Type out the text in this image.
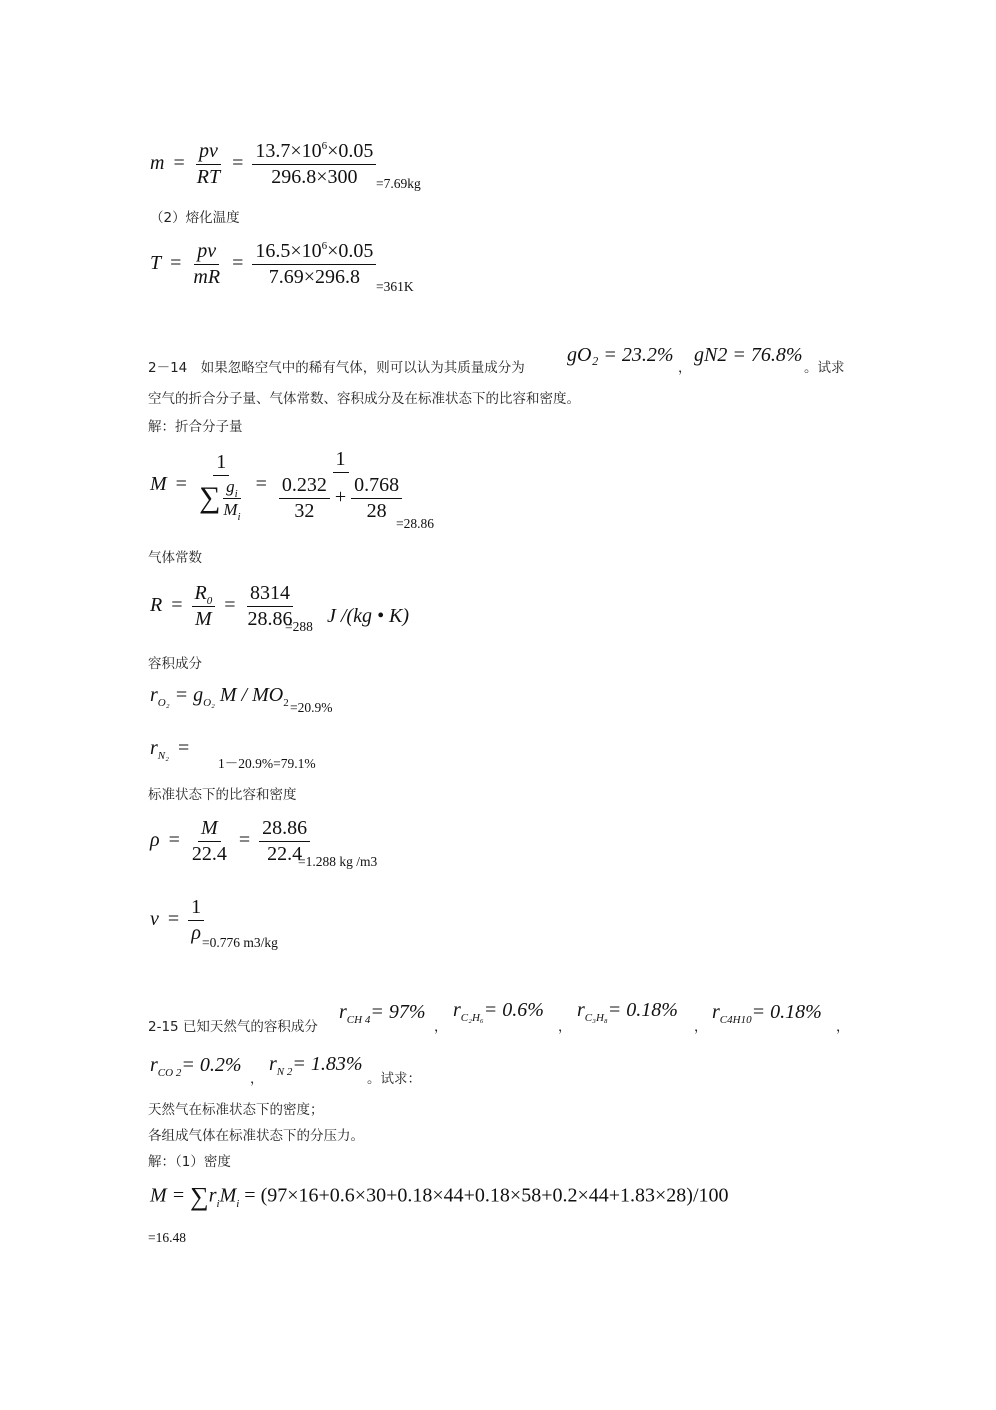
$m = \frac{pv}{RT} = \frac{13.7\times 10^6\times 0.05}{296.8\times 300} =7.69kg$
（2）熔化温度
$T = \frac{pv}{mR} = \frac{16.5\times 10^6\times 0.05}{7.69\times 296.8} =361K$
2－14　如果忽略空气中的稀有气体，则可以认为其质量成分为
gO₂ = 23.2%
，
gN2 = 76.8%
。试求
空气的折合分子量、气体常数、容积成分及在标准状态下的比容和密度。
解：折合分子量
$M = \frac{1}{\sum \frac{g_i}{M_i}} = \frac{1}{\frac{0.232}{32} + \frac{0.768}{28}}$
=28.86
气体常数
$R = \frac{R_0}{M} = \frac{8314}{28.86}$
=288 J /(kg • K)
容积成分
$r_{O_2} = g_{O_2}$ $M / MO_2 =20.9\%$
$r_{N_2}$ =
1－20.9%=79.1%
标准状态下的比容和密度
$\rho = \frac{M}{22.4} = \frac{28.86}{22.4}$
=1.288 kg /m3
$v = \frac{1}{\rho}$
=0.776 m3/kg
2-15 已知天然气的容积成分
$r_{CH 4}= 97\%$
，
$r_{C_2H_6}= 0.6\%$
，
$r_{C_3H_8}= 0.18\%$
，
$r_{C4H10}= 0.18\%$
，
$r_{CO 2}= 0.2\%$
，
$r_{N 2}= 1.83\%$
。试求：
天然气在标准状态下的密度；
各组成气体在标准状态下的分压力。
解：（1）密度
$M = \sum r_iM_i = (97\times 16+0.6\times 30+0.18\times 44+0.18\times 58+0.2\times 44+1.83\times 28)/100$
=16.48
